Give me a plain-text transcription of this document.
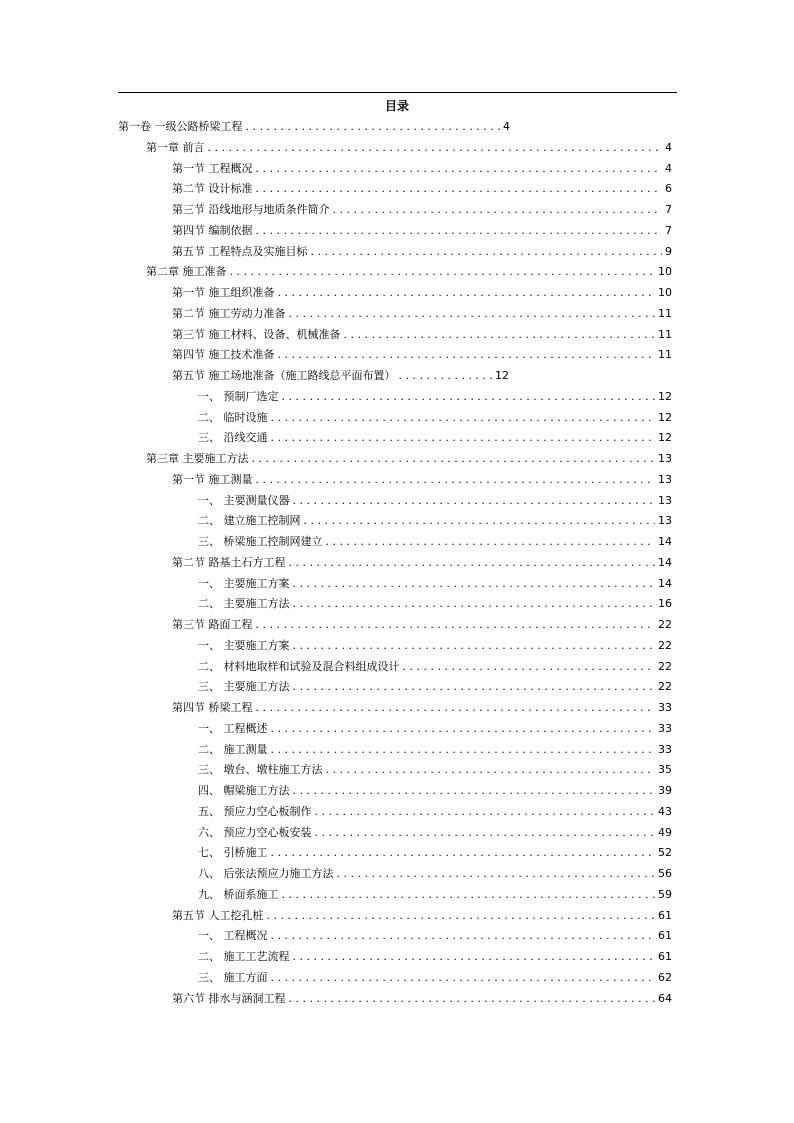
目录
第一卷 一级公路桥梁工程 . . .	4
第一章 前言 . . .	4
第一节 工程概况 . . .	4
第二节 设计标准 . . .	6
第三节 沿线地形与地质条件简介 . . .	7
第四节 编制依据 . . .	7
第五节 工程特点及实施目标 . . .	9
第二章 施工准备 . . .	10
第一节 施工组织准备 . . .	10
第二节 施工劳动力准备 . . .	11
第三节 施工材料、设备、机械准备 . . .	11
第四节 施工技术准备 . . .	11
第五节 施工场地准备（施工路线总平面布置） . . .	12
一、 预制厂选定 . . .	12
二、 临时设施 . . .	12
三、 沿线交通 . . .	12
第三章 主要施工方法 . . .	13
第一节 施工测量 . . .	13
一、 主要测量仪器 . . .	13
二、 建立施工控制网 . . .	13
三、 桥梁施工控制网建立 . . .	14
第二节 路基土石方工程 . . .	14
一、 主要施工方案 . . .	14
二、 主要施工方法 . . .	16
第三节 路面工程 . . .	22
一、 主要施工方案 . . .	22
二、 材料地取样和试验及混合料组成设计 . . .	22
三、 主要施工方法 . . .	22
第四节 桥梁工程 . . .	33
一、 工程概述 . . .	33
二、 施工测量 . . .	33
三、 墩台、墩柱施工方法 . . .	35
四、 帽梁施工方法 . . .	39
五、 预应力空心板制作 . . .	43
六、 预应力空心板安装 . . .	49
七、 引桥施工 . . .	52
八、 后张法预应力施工方法 . . .	56
九、 桥面系施工 . . .	59
第五节 人工挖孔桩 . . .	61
一、 工程概况 . . .	61
二、 施工工艺流程 . . .	61
三、 施工方面 . . .	62
第六节 排水与涵洞工程 . . .	64
